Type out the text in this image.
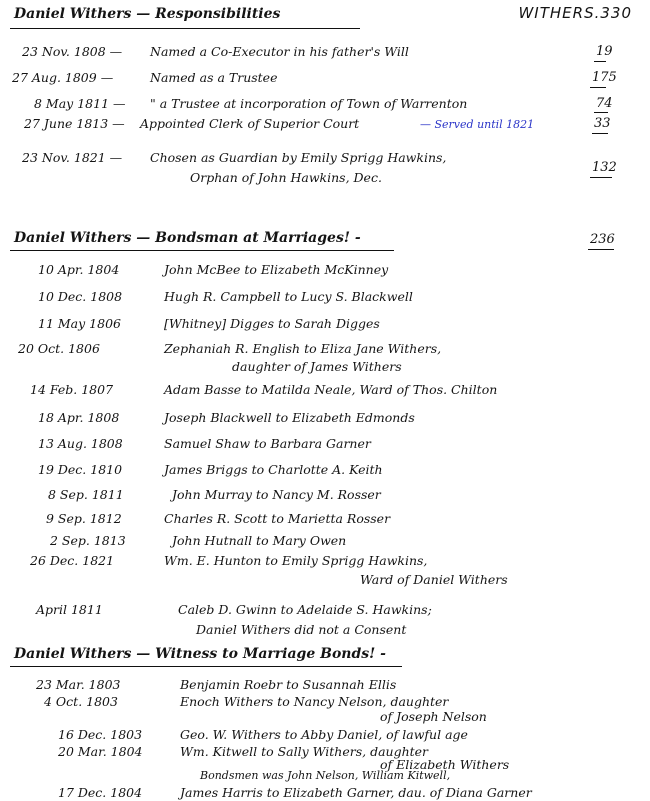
WITHERS.330
Daniel Withers — Responsibilities
23 Nov. 1808 — Named a Co-Executor in his father's Will	19
27 Aug. 1809 —	Named as a Trustee	175
8 May 1811 — " a Trustee at incorporation of Town of Warrenton	74
27 June 1813 — Appointed Clerk of Superior Court	— Served until 1821	33
23 Nov. 1821 — Chosen as Guardian by Emily Sprigg Hawkins,
Orphan of John Hawkins, Dec.
132
Daniel Withers — Bondsman at Marriages! -	236
10 Apr. 1804	John McBee to Elizabeth McKinney
10 Dec. 1808	Hugh R. Campbell to Lucy S. Blackwell
11 May 1806	[Whitney] Digges to Sarah Digges
20 Oct. 1806	Zephaniah R. English to Eliza Jane Withers,
daughter of James Withers
14 Feb. 1807	Adam Basse to Matilda Neale, Ward of Thos. Chilton
18 Apr. 1808	Joseph Blackwell to Elizabeth Edmonds
13 Aug. 1808	Samuel Shaw to Barbara Garner
19 Dec. 1810	James Briggs to Charlotte A. Keith
8 Sep. 1811	John Murray to Nancy M. Rosser
9 Sep. 1812	Charles R. Scott to Marietta Rosser
2 Sep. 1813	John Hutnall to Mary Owen
26 Dec. 1821	Wm. E. Hunton to Emily Sprigg Hawkins,
Ward of Daniel Withers
April 1811	Caleb D. Gwinn to Adelaide S. Hawkins;
Daniel Withers did not a Consent
Daniel Withers — Witness to Marriage Bonds! -
23 Mar. 1803	Benjamin Roebr to Susannah Ellis
4 Oct. 1803	Enoch Withers to Nancy Nelson, daughter
of Joseph Nelson
16 Dec. 1803	Geo. W. Withers to Abby Daniel, of lawful age
20 Mar. 1804	Wm. Kitwell to Sally Withers, daughter
of Elizabeth Withers
Bondsmen was John Nelson, William Kitwell,
17 Dec. 1804	James Harris to Elizabeth Garner, dau. of Diana Garner
